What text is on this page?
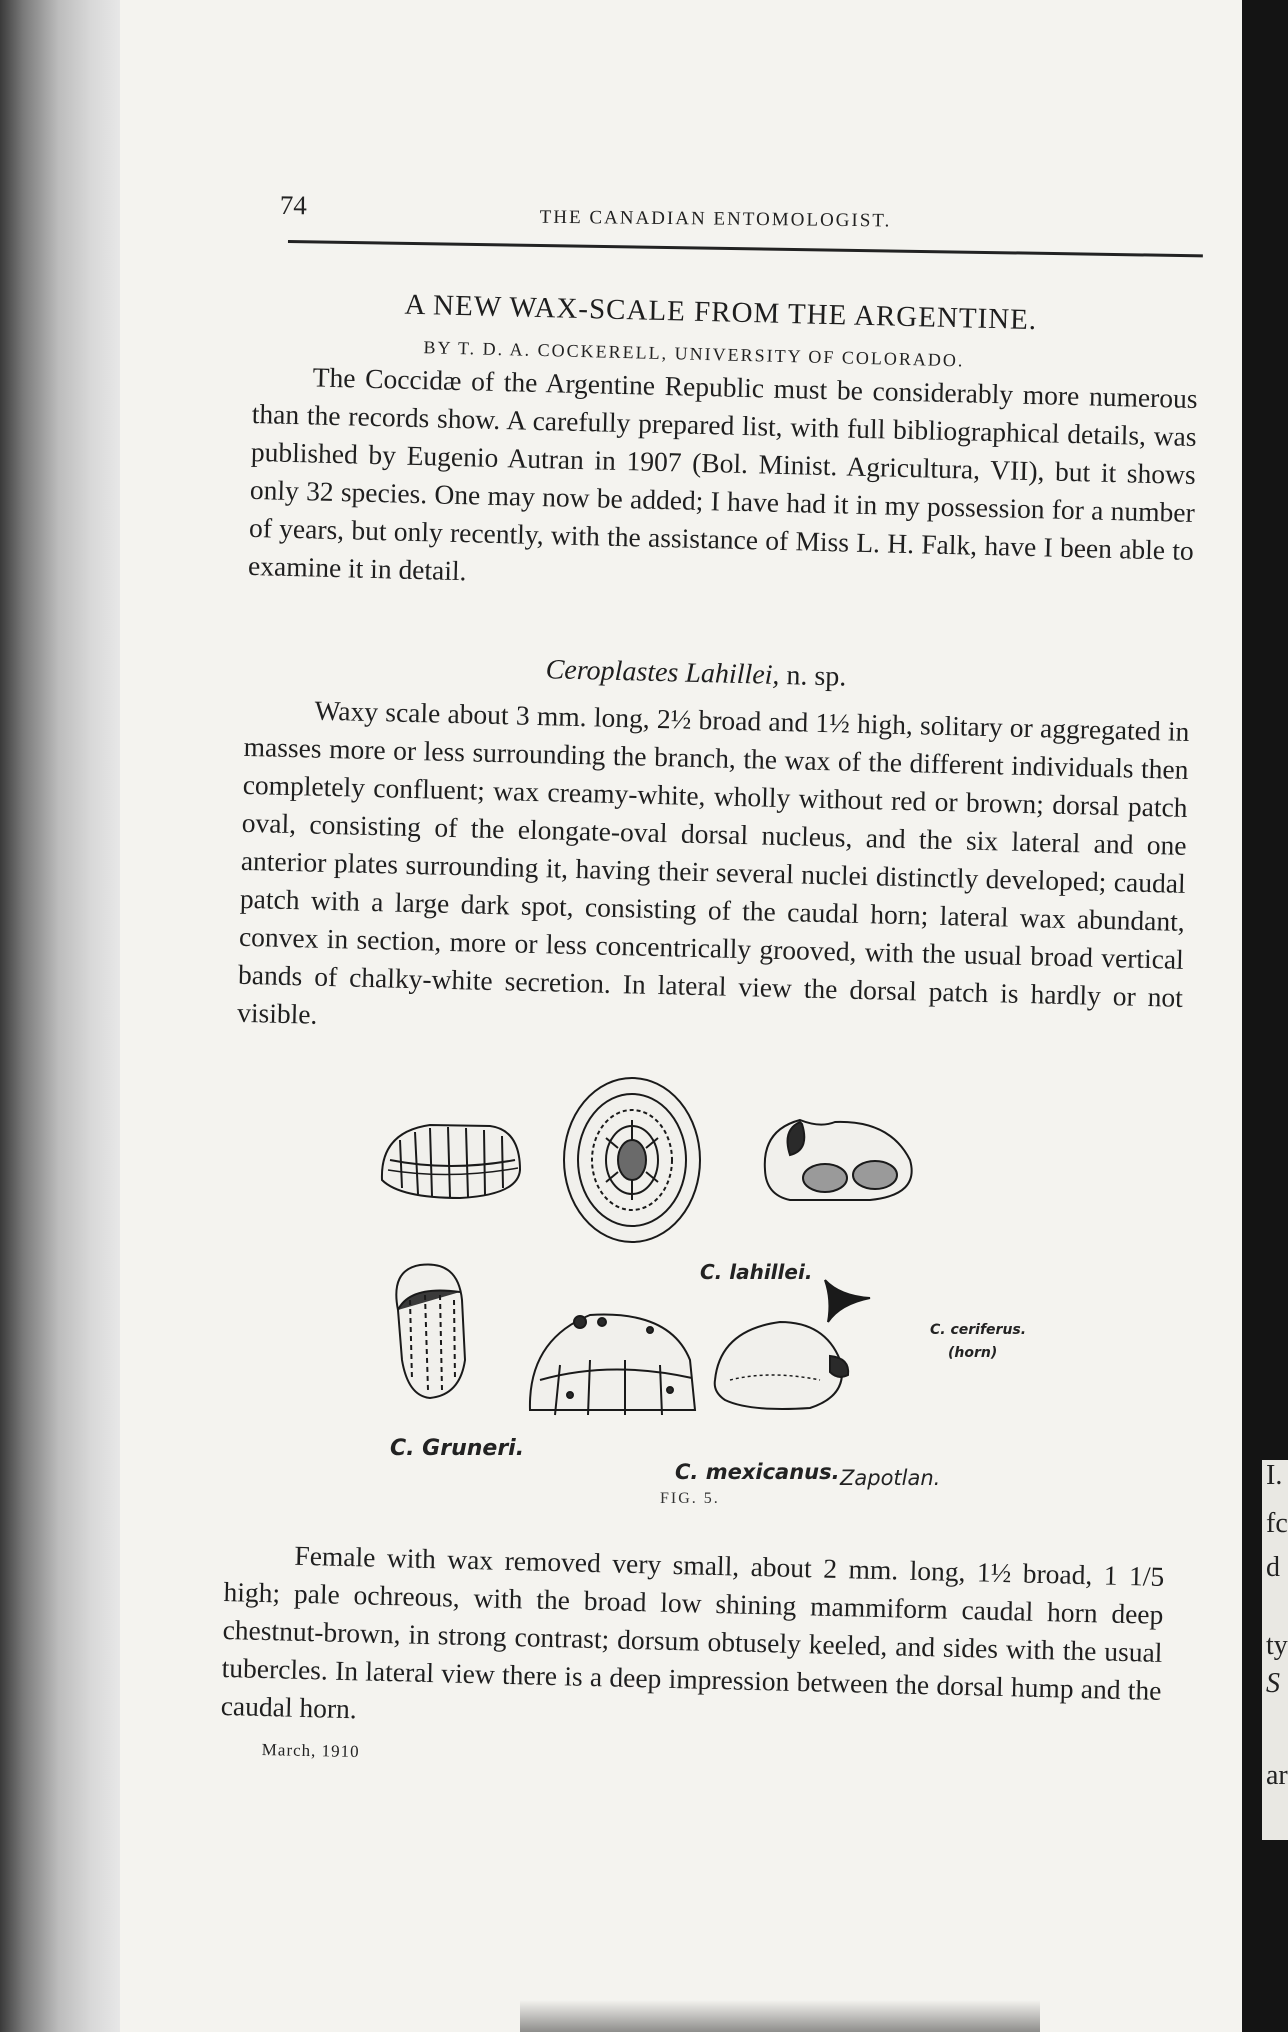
I.
fc
d
ty
S
ar
74	THE CANADIAN ENTOMOLOGIST.
A NEW WAX-SCALE FROM THE ARGENTINE.
BY T. D. A. COCKERELL, UNIVERSITY OF COLORADO.

The Coccidæ of the Argentine Republic must be considerably more numerous than the records show. A carefully prepared list, with full bibliographical details, was published by Eugenio Autran in 1907 (Bol. Minist. Agricultura, VII), but it shows only 32 species. One may now be added; I have had it in my possession for a number of years, but only recently, with the assistance of Miss L. H. Falk, have I been able to examine it in detail.

Ceroplastes Lahillei, n. sp.

Waxy scale about 3 mm. long, 2½ broad and 1½ high, solitary or aggregated in masses more or less surrounding the branch, the wax of the different individuals then completely confluent; wax creamy-white, wholly without red or brown; dorsal patch oval, consisting of the elongate-oval dorsal nucleus, and the six lateral and one anterior plates surrounding it, having their several nuclei distinctly developed; caudal patch with a large dark spot, consisting of the caudal horn; lateral wax abundant, convex in section, more or less concentrically grooved, with the usual broad vertical bands of chalky-white secretion. In lateral view the dorsal patch is hardly or not visible.

C. lahillei.
C. ceriferus.
(horn)
C. Gruneri.
C. mexicanus. Zapotlan.
FIG. 5.

Female with wax removed very small, about 2 mm. long, 1½ broad, 1 1/5 high; pale ochreous, with the broad low shining mammiform caudal horn deep chestnut-brown, in strong contrast; dorsum obtusely keeled, and sides with the usual tubercles. In lateral view there is a deep impression between the dorsal hump and the caudal horn.

March, 1910
